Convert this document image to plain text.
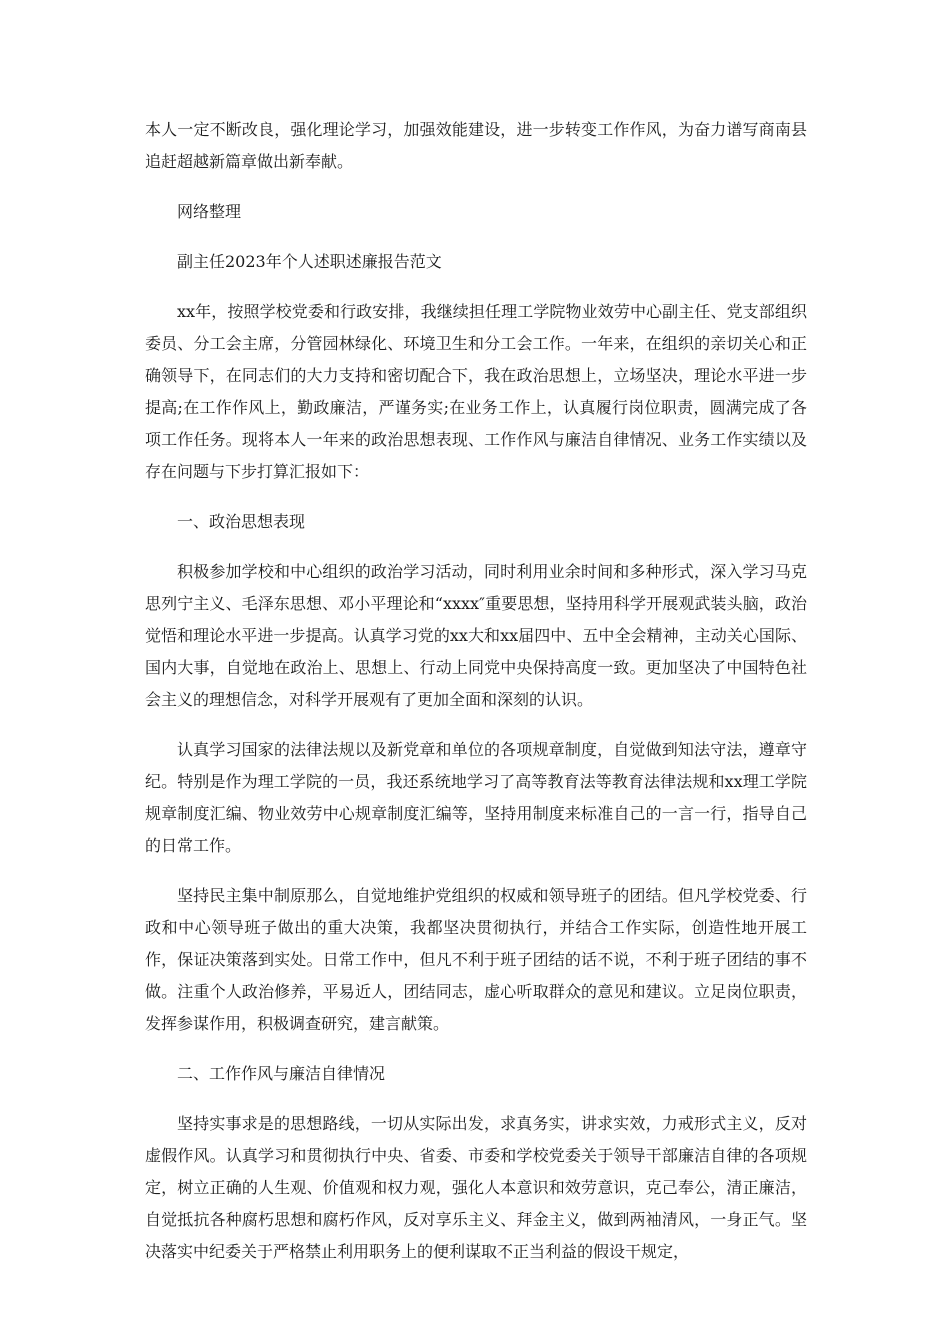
本人一定不断改良，强化理论学习，加强效能建设，进一步转变工作作风，为奋力谱写商南县追赶超越新篇章做出新奉献。

网络整理

副主任2023年个人述职述廉报告范文

xx年，按照学校党委和行政安排，我继续担任理工学院物业效劳中心副主任、党支部组织委员、分工会主席，分管园林绿化、环境卫生和分工会工作。一年来，在组织的亲切关心和正确领导下，在同志们的大力支持和密切配合下，我在政治思想上，立场坚决，理论水平进一步提高;在工作作风上，勤政廉洁，严谨务实;在业务工作上，认真履行岗位职责，圆满完成了各项工作任务。现将本人一年来的政治思想表现、工作作风与廉洁自律情况、业务工作实绩以及存在问题与下步打算汇报如下：

一、政治思想表现

积极参加学校和中心组织的政治学习活动，同时利用业余时间和多种形式，深入学习马克思列宁主义、毛泽东思想、邓小平理论和“xxxx″重要思想，坚持用科学开展观武装头脑，政治觉悟和理论水平进一步提高。认真学习党的xx大和xx届四中、五中全会精神，主动关心国际、国内大事，自觉地在政治上、思想上、行动上同党中央保持高度一致。更加坚决了中国特色社会主义的理想信念，对科学开展观有了更加全面和深刻的认识。

认真学习国家的法律法规以及新党章和单位的各项规章制度，自觉做到知法守法，遵章守纪。特别是作为理工学院的一员，我还系统地学习了高等教育法等教育法律法规和xx理工学院规章制度汇编、物业效劳中心规章制度汇编等，坚持用制度来标准自己的一言一行，指导自己的日常工作。

坚持民主集中制原那么，自觉地维护党组织的权威和领导班子的团结。但凡学校党委、行政和中心领导班子做出的重大决策，我都坚决贯彻执行，并结合工作实际，创造性地开展工作，保证决策落到实处。日常工作中，但凡不利于班子团结的话不说，不利于班子团结的事不做。注重个人政治修养，平易近人，团结同志，虚心听取群众的意见和建议。立足岗位职责，发挥参谋作用，积极调查研究，建言献策。

二、工作作风与廉洁自律情况

坚持实事求是的思想路线，一切从实际出发，求真务实，讲求实效，力戒形式主义，反对虚假作风。认真学习和贯彻执行中央、省委、市委和学校党委关于领导干部廉洁自律的各项规定，树立正确的人生观、价值观和权力观，强化人本意识和效劳意识，克己奉公，清正廉洁，自觉抵抗各种腐朽思想和腐朽作风，反对享乐主义、拜金主义，做到两袖清风，一身正气。坚决落实中纪委关于严格禁止利用职务上的便利谋取不正当利益的假设干规定，
